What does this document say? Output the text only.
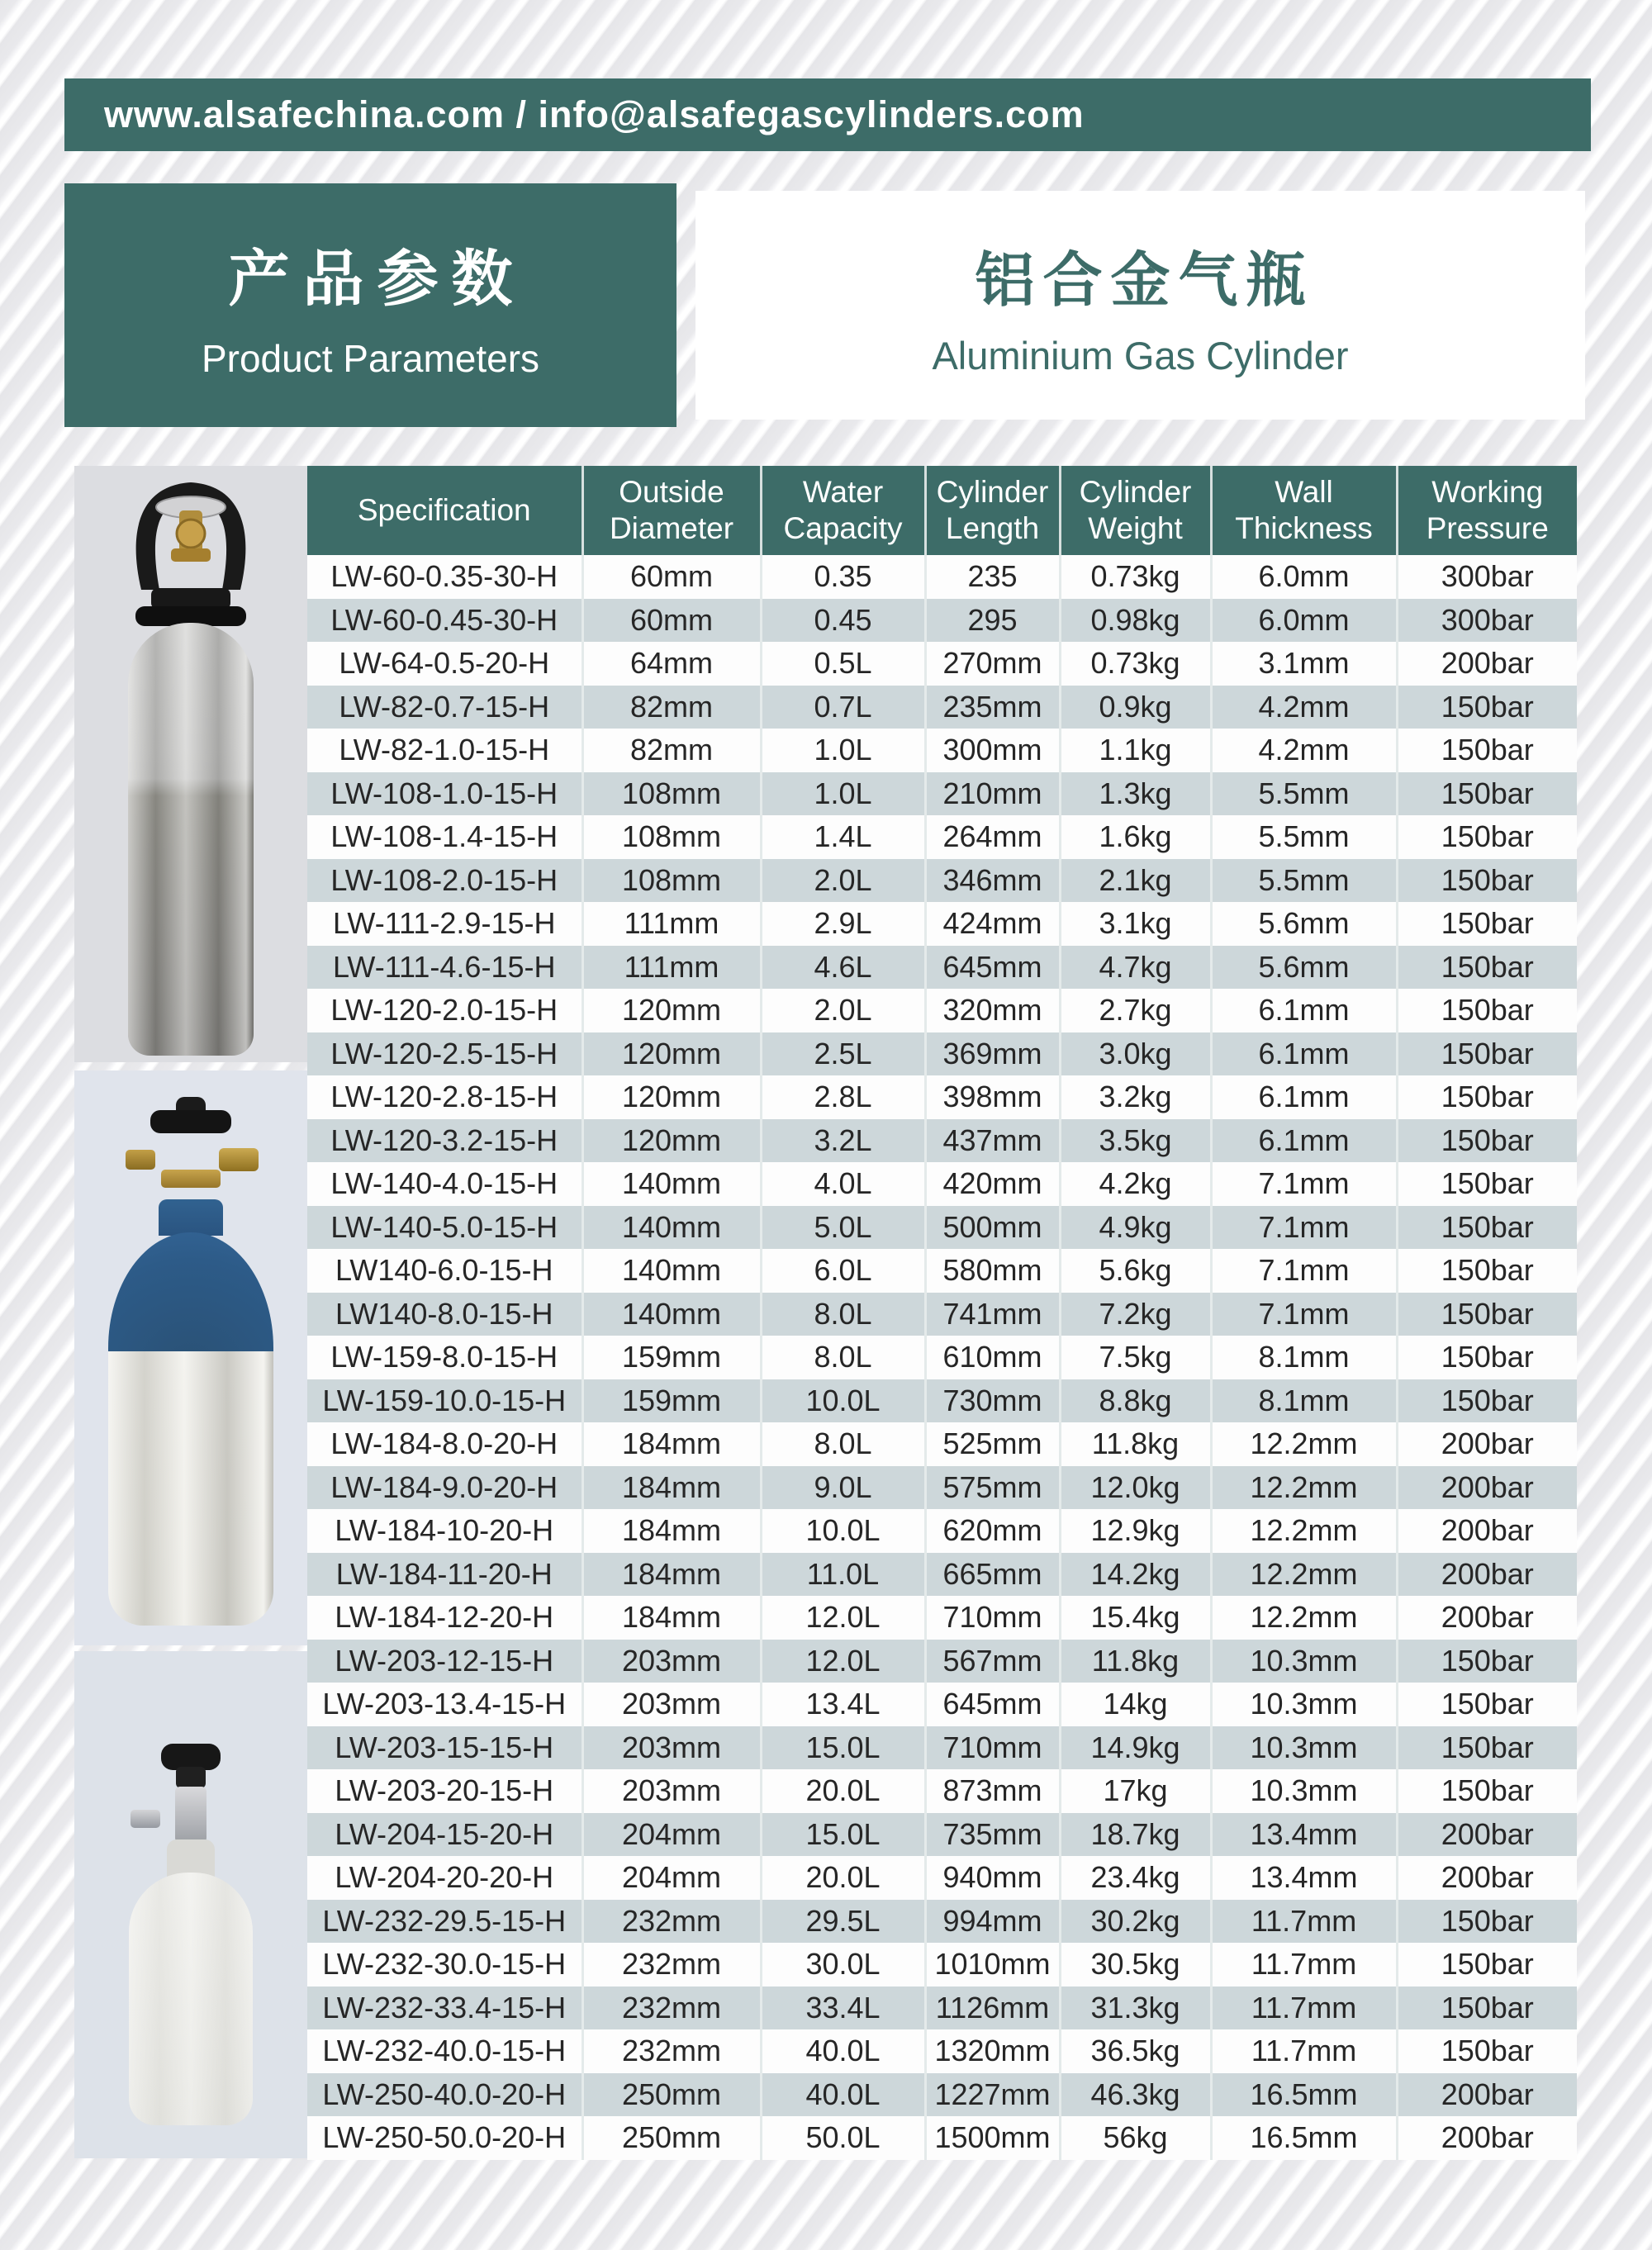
www.alsafechina.com / info@alsafegascylinders.com
产品参数
Product Parameters
铝合金气瓶
Aluminium Gas Cylinder
Specification	Outside Diameter	Water Capacity	Cylinder Length	Cylinder Weight	Wall Thickness	Working Pressure
LW-60-0.35-30-H	60mm	0.35	235	0.73kg	6.0mm	300bar
LW-60-0.45-30-H	60mm	0.45	295	0.98kg	6.0mm	300bar
LW-64-0.5-20-H	64mm	0.5L	270mm	0.73kg	3.1mm	200bar
LW-82-0.7-15-H	82mm	0.7L	235mm	0.9kg	4.2mm	150bar
LW-82-1.0-15-H	82mm	1.0L	300mm	1.1kg	4.2mm	150bar
LW-108-1.0-15-H	108mm	1.0L	210mm	1.3kg	5.5mm	150bar
LW-108-1.4-15-H	108mm	1.4L	264mm	1.6kg	5.5mm	150bar
LW-108-2.0-15-H	108mm	2.0L	346mm	2.1kg	5.5mm	150bar
LW-111-2.9-15-H	111mm	2.9L	424mm	3.1kg	5.6mm	150bar
LW-111-4.6-15-H	111mm	4.6L	645mm	4.7kg	5.6mm	150bar
LW-120-2.0-15-H	120mm	2.0L	320mm	2.7kg	6.1mm	150bar
LW-120-2.5-15-H	120mm	2.5L	369mm	3.0kg	6.1mm	150bar
LW-120-2.8-15-H	120mm	2.8L	398mm	3.2kg	6.1mm	150bar
LW-120-3.2-15-H	120mm	3.2L	437mm	3.5kg	6.1mm	150bar
LW-140-4.0-15-H	140mm	4.0L	420mm	4.2kg	7.1mm	150bar
LW-140-5.0-15-H	140mm	5.0L	500mm	4.9kg	7.1mm	150bar
LW140-6.0-15-H	140mm	6.0L	580mm	5.6kg	7.1mm	150bar
LW140-8.0-15-H	140mm	8.0L	741mm	7.2kg	7.1mm	150bar
LW-159-8.0-15-H	159mm	8.0L	610mm	7.5kg	8.1mm	150bar
LW-159-10.0-15-H	159mm	10.0L	730mm	8.8kg	8.1mm	150bar
LW-184-8.0-20-H	184mm	8.0L	525mm	11.8kg	12.2mm	200bar
LW-184-9.0-20-H	184mm	9.0L	575mm	12.0kg	12.2mm	200bar
LW-184-10-20-H	184mm	10.0L	620mm	12.9kg	12.2mm	200bar
LW-184-11-20-H	184mm	11.0L	665mm	14.2kg	12.2mm	200bar
LW-184-12-20-H	184mm	12.0L	710mm	15.4kg	12.2mm	200bar
LW-203-12-15-H	203mm	12.0L	567mm	11.8kg	10.3mm	150bar
LW-203-13.4-15-H	203mm	13.4L	645mm	14kg	10.3mm	150bar
LW-203-15-15-H	203mm	15.0L	710mm	14.9kg	10.3mm	150bar
LW-203-20-15-H	203mm	20.0L	873mm	17kg	10.3mm	150bar
LW-204-15-20-H	204mm	15.0L	735mm	18.7kg	13.4mm	200bar
LW-204-20-20-H	204mm	20.0L	940mm	23.4kg	13.4mm	200bar
LW-232-29.5-15-H	232mm	29.5L	994mm	30.2kg	11.7mm	150bar
LW-232-30.0-15-H	232mm	30.0L	1010mm	30.5kg	11.7mm	150bar
LW-232-33.4-15-H	232mm	33.4L	1126mm	31.3kg	11.7mm	150bar
LW-232-40.0-15-H	232mm	40.0L	1320mm	36.5kg	11.7mm	150bar
LW-250-40.0-20-H	250mm	40.0L	1227mm	46.3kg	16.5mm	200bar
LW-250-50.0-20-H	250mm	50.0L	1500mm	56kg	16.5mm	200bar
